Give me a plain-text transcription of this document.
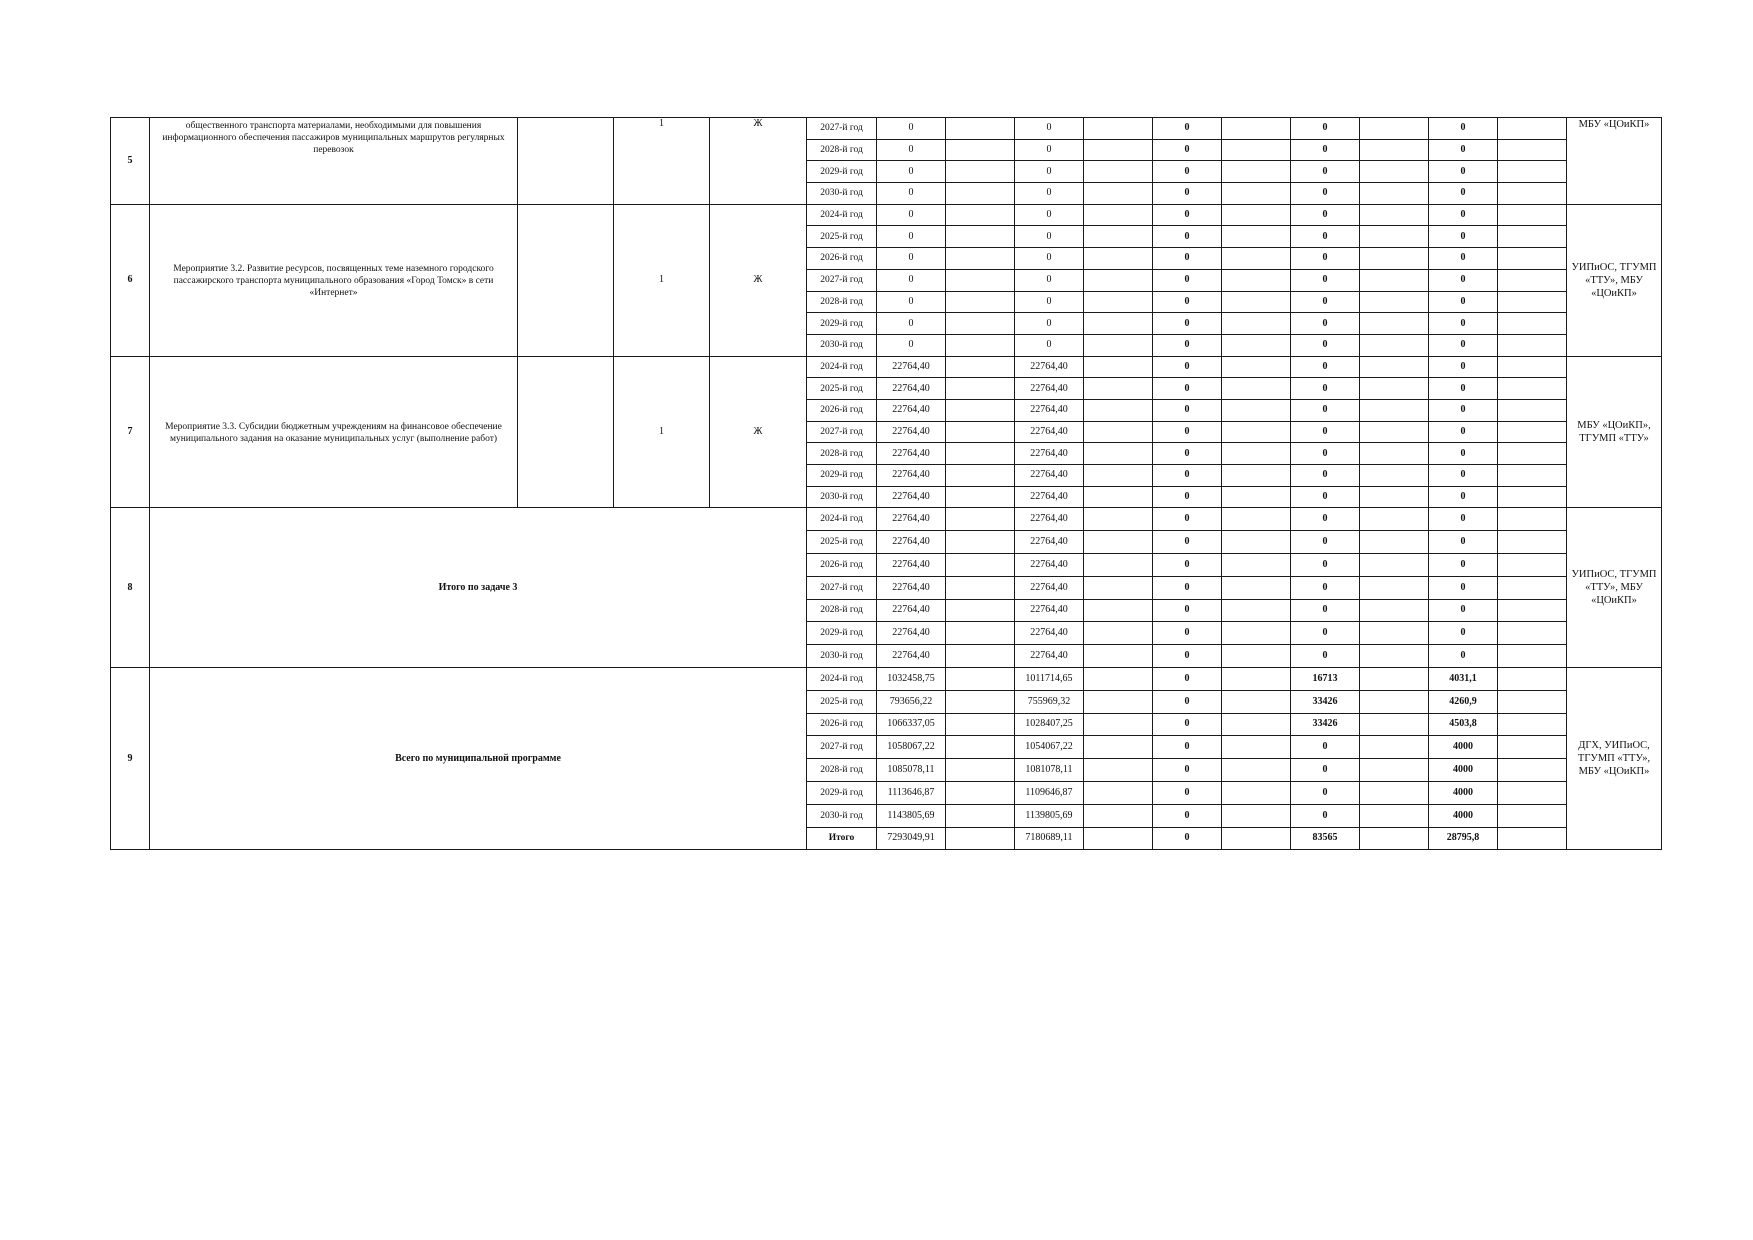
5	общественного транспорта материалами, необходимыми для повышения информационного обеспечения пассажиров муниципальных маршрутов регулярных перевозок		1	Ж	2027-й год	0		0		0		0		0		МБУ «ЦОиКП»
					2028-й год	0		0		0		0		0		
					2029-й год	0		0		0		0		0		
					2030-й год	0		0		0		0		0		
6	Мероприятие 3.2. Развитие ресурсов, посвященных теме наземного городского пассажирского транспорта муниципального образования «Город Томск» в сети «Интернет»		1	Ж	2024-й год	0		0		0		0		0		УИПиОС, ТГУМП «ТТУ», МБУ «ЦОиКП»
					2025-й год	0		0		0		0		0		
					2026-й год	0		0		0		0		0		
					2027-й год	0		0		0		0		0		
					2028-й год	0		0		0		0		0		
					2029-й год	0		0		0		0		0		
					2030-й год	0		0		0		0		0		
7	Мероприятие 3.3. Субсидии бюджетным учреждениям на финансовое обеспечение муниципального задания на оказание муниципальных услуг (выполнение работ)		1	Ж	2024-й год	22764,40		22764,40		0		0		0		МБУ «ЦОиКП», ТГУМП «ТТУ»
					2025-й год	22764,40		22764,40		0		0		0		
					2026-й год	22764,40		22764,40		0		0		0		
					2027-й год	22764,40		22764,40		0		0		0		
					2028-й год	22764,40		22764,40		0		0		0		
					2029-й год	22764,40		22764,40		0		0		0		
					2030-й год	22764,40		22764,40		0		0		0		
8	Итого по задаче 3				2024-й год	22764,40		22764,40		0		0		0		УИПиОС, ТГУМП «ТТУ», МБУ «ЦОиКП»
					2025-й год	22764,40		22764,40		0		0		0		
					2026-й год	22764,40		22764,40		0		0		0		
					2027-й год	22764,40		22764,40		0		0		0		
					2028-й год	22764,40		22764,40		0		0		0		
					2029-й год	22764,40		22764,40		0		0		0		
					2030-й год	22764,40		22764,40		0		0		0		
9	Всего по муниципальной программе				2024-й год	1032458,75		1011714,65		0		16713		4031,1		ДГХ, УИПиОС, ТГУМП «ТТУ», МБУ «ЦОиКП»
					2025-й год	793656,22		755969,32		0		33426		4260,9		
					2026-й год	1066337,05		1028407,25		0		33426		4503,8		
					2027-й год	1058067,22		1054067,22		0		0		4000		
					2028-й год	1085078,11		1081078,11		0		0		4000		
					2029-й год	1113646,87		1109646,87		0		0		4000		
					2030-й год	1143805,69		1139805,69		0		0		4000		
					Итого	7293049,91		7180689,11		0		83565		28795,8		
